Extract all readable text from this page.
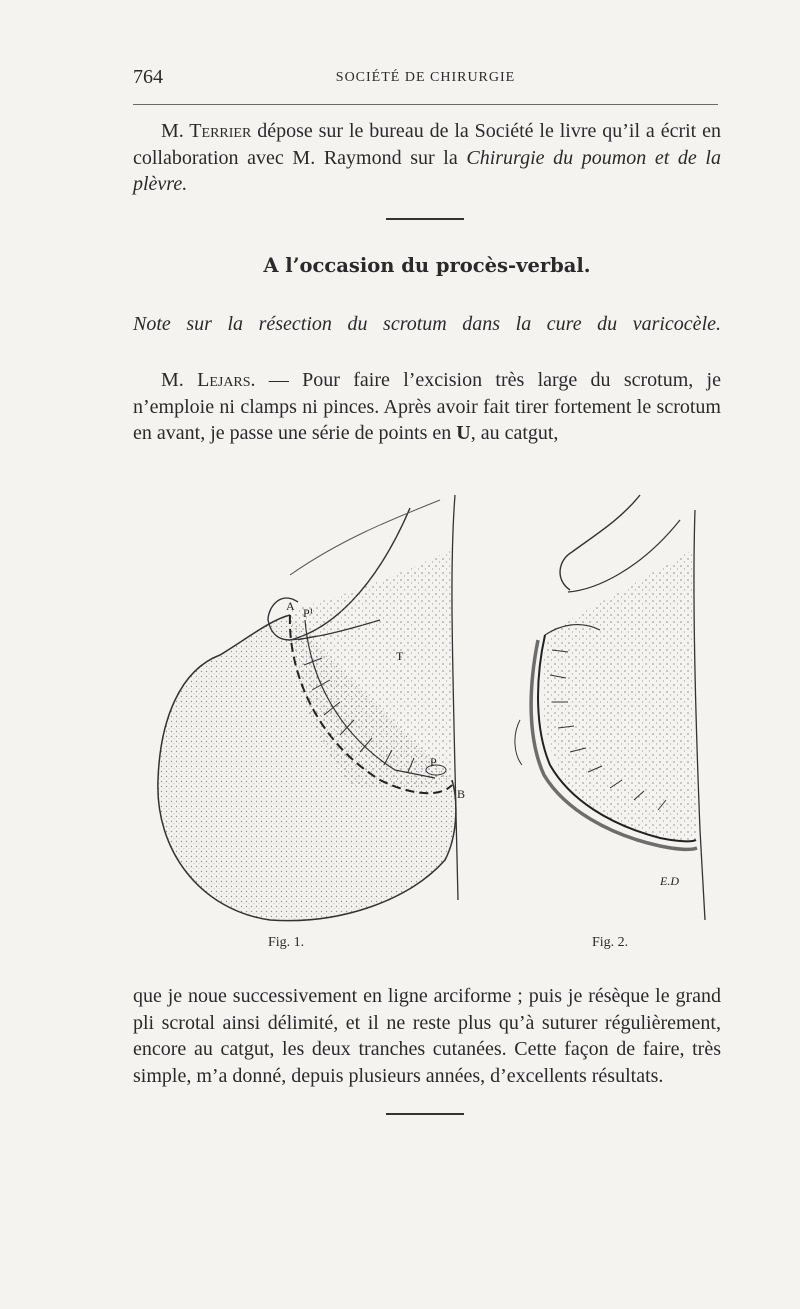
764	SOCIÉTÉ DE CHIRURGIE

M. Terrier dépose sur le bureau de la Société le livre qu’il a écrit en collaboration avec M. Raymond sur la Chirurgie du poumon et de la plèvre.

A l’occasion du procès-verbal.
Note sur la résection du scrotum dans la cure du varicocèle.

M. Lejars. — Pour faire l’excision très large du scrotum, je n’emploie ni clamps ni pinces. Après avoir fait tirer fortement le scrotum en avant, je passe une série de points en U, au catgut,

A P¹
T
P
B
E.D
Fig. 1.	Fig. 2.

que je noue successivement en ligne arciforme ; puis je résèque le grand pli scrotal ainsi délimité, et il ne reste plus qu’à suturer régulièrement, encore au catgut, les deux tranches cutanées. Cette façon de faire, très simple, m’a donné, depuis plusieurs années, d’excellents résultats.
